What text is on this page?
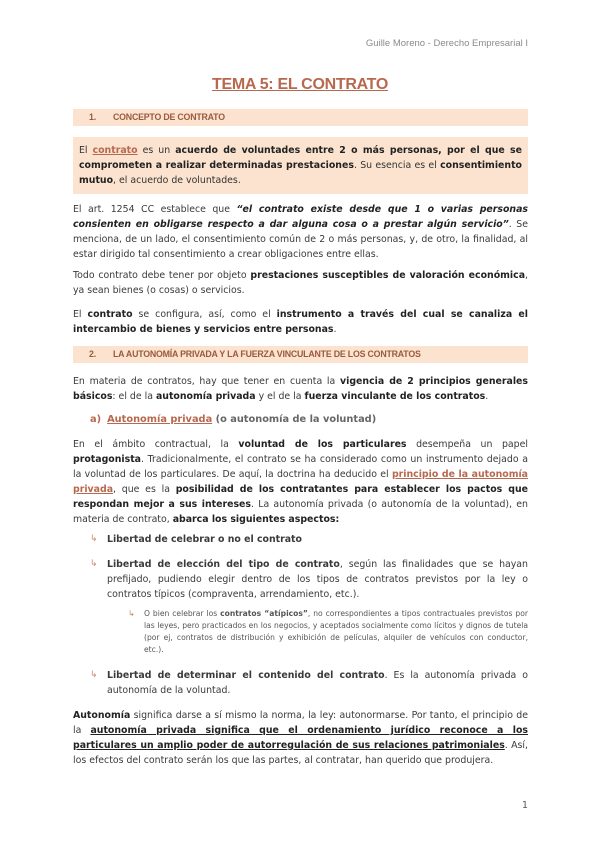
Guille Moreno - Derecho Empresarial I
TEMA 5: EL CONTRATO
1. CONCEPTO DE CONTRATO
El contrato es un acuerdo de voluntades entre 2 o más personas, por el que se comprometen a realizar determinadas prestaciones. Su esencia es el consentimiento mutuo, el acuerdo de voluntades.
El art. 1254 CC establece que “el contrato existe desde que 1 o varias personas consienten en obligarse respecto a dar alguna cosa o a prestar algún servicio”. Se menciona, de un lado, el consentimiento común de 2 o más personas, y, de otro, la finalidad, al estar dirigido tal consentimiento a crear obligaciones entre ellas.
Todo contrato debe tener por objeto prestaciones susceptibles de valoración económica, ya sean bienes (o cosas) o servicios.
El contrato se configura, así, como el instrumento a través del cual se canaliza el intercambio de bienes y servicios entre personas.
2. LA AUTONOMÍA PRIVADA Y LA FUERZA VINCULANTE DE LOS CONTRATOS
En materia de contratos, hay que tener en cuenta la vigencia de 2 principios generales básicos: el de la autonomía privada y el de la fuerza vinculante de los contratos.
a) Autonomía privada (o autonomía de la voluntad)
En el ámbito contractual, la voluntad de los particulares desempeña un papel protagonista. Tradicionalmente, el contrato se ha considerado como un instrumento dejado a la voluntad de los particulares. De aquí, la doctrina ha deducido el principio de la autonomía privada, que es la posibilidad de los contratantes para establecer los pactos que respondan mejor a sus intereses. La autonomía privada (o autonomía de la voluntad), en materia de contrato, abarca los siguientes aspectos:
↳ Libertad de celebrar o no el contrato
↳ Libertad de elección del tipo de contrato, según las finalidades que se hayan prefijado, pudiendo elegir dentro de los tipos de contratos previstos por la ley o contratos típicos (compraventa, arrendamiento, etc.).
↳ O bien celebrar los contratos “atípicos”, no correspondientes a tipos contractuales previstos por las leyes, pero practicados en los negocios, y aceptados socialmente como lícitos y dignos de tutela (por ej, contratos de distribución y exhibición de películas, alquiler de vehículos con conductor, etc.).
↳ Libertad de determinar el contenido del contrato. Es la autonomía privada o autonomía de la voluntad.
Autonomía significa darse a sí mismo la norma, la ley: autonormarse. Por tanto, el principio de la autonomía privada significa que el ordenamiento jurídico reconoce a los particulares un amplio poder de autorregulación de sus relaciones patrimoniales. Así, los efectos del contrato serán los que las partes, al contratar, han querido que produjera.
1
